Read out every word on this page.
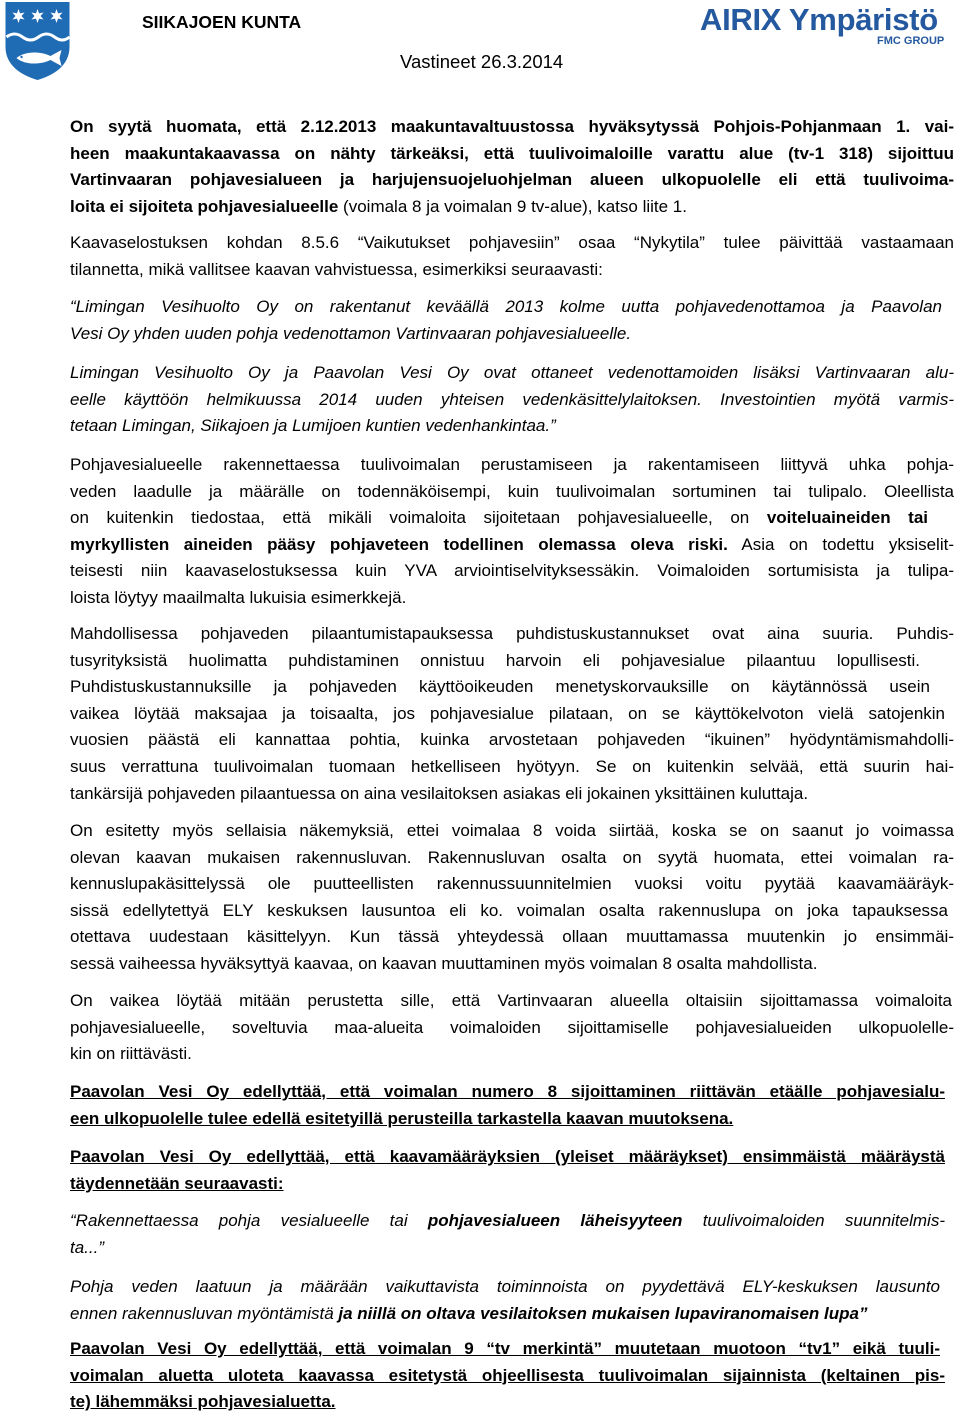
SIIKAJOEN KUNTA	AIRIX Ympäristö
FMC GROUP
Vastineet 26.3.2014
On syytä huomata, että 2.12.2013 maakuntavaltuustossa hyväksytyssä Pohjois-Pohjanmaan 1. vai-
heen maakuntakaavassa on nähty tärkeäksi, että tuulivoimaloille varattu alue (tv-1 318) sijoittuu
Vartinvaaran pohjavesialueen ja harjujensuojeluohjelman alueen ulkopuolelle eli että tuulivoima-
loita ei sijoiteta pohjavesialueelle (voimala 8 ja voimalan 9 tv-alue), katso liite 1.
Kaavaselostuksen kohdan 8.5.6 “Vaikutukset pohjavesiin” osaa “Nykytila” tulee päivittää vastaamaan
tilannetta, mikä vallitsee kaavan vahvistuessa, esimerkiksi seuraavasti:
“Limingan Vesihuolto Oy on rakentanut keväällä 2013 kolme uutta pohjavedenottamoa ja Paavolan
Vesi Oy yhden uuden pohja vedenottamon Vartinvaaran pohjavesialueelle.
Limingan Vesihuolto Oy ja Paavolan Vesi Oy ovat ottaneet vedenottamoiden lisäksi Vartinvaaran alu-
eelle käyttöön helmikuussa 2014 uuden yhteisen vedenkäsittelylaitoksen. Investointien myötä varmis-
tetaan Limingan, Siikajoen ja Lumijoen kuntien vedenhankintaa.”
Pohjavesialueelle rakennettaessa tuulivoimalan perustamiseen ja rakentamiseen liittyvä uhka pohja-
veden laadulle ja määrälle on todennäköisempi, kuin tuulivoimalan sortuminen tai tulipalo. Oleellista
on kuitenkin tiedostaa, että mikäli voimaloita sijoitetaan pohjavesialueelle, on voiteluaineiden tai
myrkyllisten aineiden pääsy pohjaveteen todellinen olemassa oleva riski. Asia on todettu yksiselit-
teisesti niin kaavaselostuksessa kuin YVA arviointiselvityksessäkin. Voimaloiden sortumisista ja tulipa-
loista löytyy maailmalta lukuisia esimerkkejä.
Mahdollisessa pohjaveden pilaantumistapauksessa puhdistuskustannukset ovat aina suuria. Puhdis-
tusyrityksistä huolimatta puhdistaminen onnistuu harvoin eli pohjavesialue pilaantuu lopullisesti.
Puhdistuskustannuksille ja pohjaveden käyttöoikeuden menetyskorvauksille on käytännössä usein
vaikea löytää maksajaa ja toisaalta, jos pohjavesialue pilataan, on se käyttökelvoton vielä satojenkin
vuosien päästä eli kannattaa pohtia, kuinka arvostetaan pohjaveden “ikuinen” hyödyntämismahdolli-
suus verrattuna tuulivoimalan tuomaan hetkelliseen hyötyyn. Se on kuitenkin selvää, että suurin hai-
tankärsijä pohjaveden pilaantuessa on aina vesilaitoksen asiakas eli jokainen yksittäinen kuluttaja.
On esitetty myös sellaisia näkemyksiä, ettei voimalaa 8 voida siirtää, koska se on saanut jo voimassa
olevan kaavan mukaisen rakennusluvan. Rakennusluvan osalta on syytä huomata, ettei voimalan ra-
kennuslupakäsittelyssä ole puutteellisten rakennussuunnitelmien vuoksi voitu pyytää kaavamääräyk-
sissä edellytettyä ELY keskuksen lausuntoa eli ko. voimalan osalta rakennuslupa on joka tapauksessa
otettava uudestaan käsittelyyn. Kun tässä yhteydessä ollaan muuttamassa muutenkin jo ensimmäi-
sessä vaiheessa hyväksyttyä kaavaa, on kaavan muuttaminen myös voimalan 8 osalta mahdollista.
On vaikea löytää mitään perustetta sille, että Vartinvaaran alueella oltaisiin sijoittamassa voimaloita
pohjavesialueelle, soveltuvia maa-alueita voimaloiden sijoittamiselle pohjavesialueiden ulkopuolelle-
kin on riittävästi.
Paavolan Vesi Oy edellyttää, että voimalan numero 8 sijoittaminen riittävän etäälle pohjavesialu-
een ulkopuolelle tulee edellä esitetyillä perusteilla tarkastella kaavan muutoksena.
Paavolan Vesi Oy edellyttää, että kaavamääräyksien (yleiset määräykset) ensimmäistä määräystä
täydennetään seuraavasti:
“Rakennettaessa pohja vesialueelle tai pohjavesialueen läheisyyteen tuulivoimaloiden suunnitelmis-
ta...”
Pohja veden laatuun ja määrään vaikuttavista toiminnoista on pyydettävä ELY-keskuksen lausunto
ennen rakennusluvan myöntämistä ja niillä on oltava vesilaitoksen mukaisen lupaviranomaisen lupa”
Paavolan Vesi Oy edellyttää, että voimalan 9 “tv merkintä” muutetaan muotoon “tv1” eikä tuuli-
voimalan aluetta uloteta kaavassa esitetystä ohjeellisesta tuulivoimalan sijainnista (keltainen pis-
te) lähemmäksi pohjavesialuetta.
